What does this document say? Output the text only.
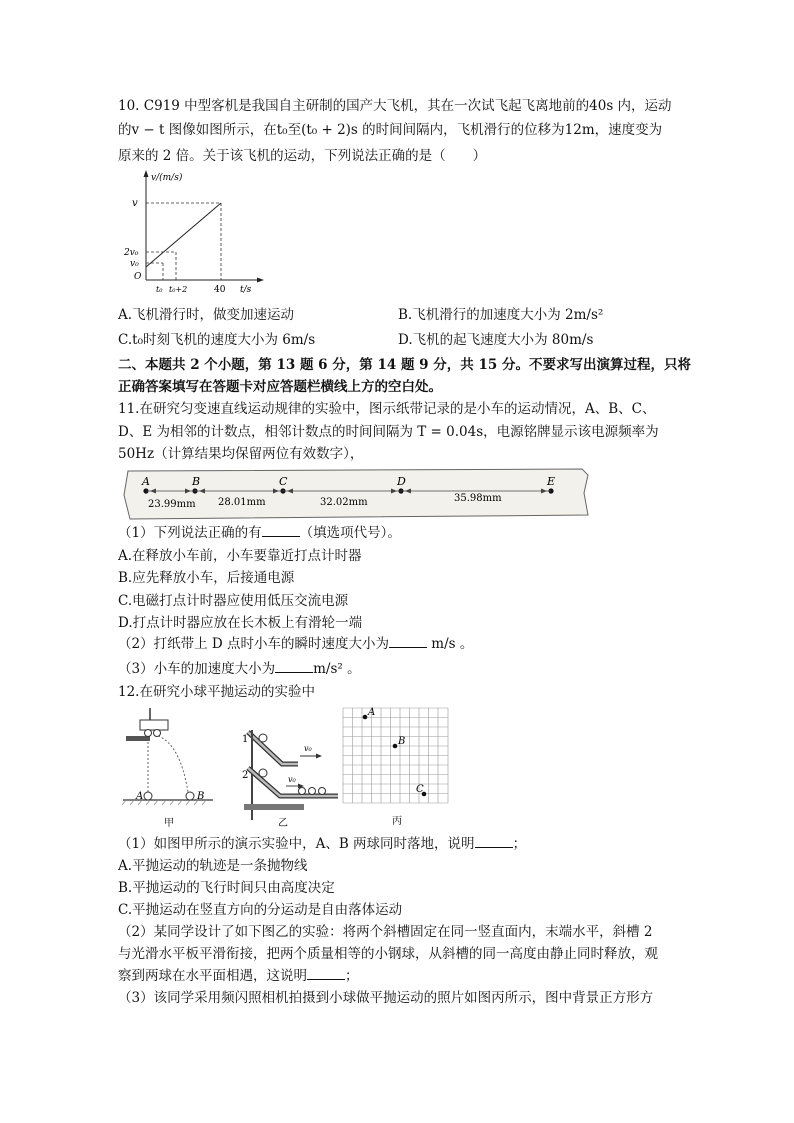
10. C919 中型客机是我国自主研制的国产大飞机，其在一次试飞起飞离地前的40s 内，运动
的v − t 图像如图所示，在t₀至(t₀ + 2)s 的时间间隔内，飞机滑行的位移为12m，速度变为
原来的 2 倍。关于该飞机的运动，下列说法正确的是（　　）
v/(m/s)
v
2v₀
v₀
O
t₀ t₀+2	40 t/s
A.飞机滑行时，做变加速运动	B.飞机滑行的加速度大小为 2m/s²
C.t₀时刻飞机的速度大小为 6m/s	D.飞机的起飞速度大小为 80m/s
二、本题共 2 个小题，第 13 题 6 分，第 14 题 9 分，共 15 分。不要求写出演算过程，只将
正确答案填写在答题卡对应答题栏横线上方的空白处。
11.在研究匀变速直线运动规律的实验中，图示纸带记录的是小车的运动情况，A、B、C、
D、E 为相邻的计数点，相邻计数点的时间间隔为 T = 0.04s，电源铭牌显示该电源频率为
50Hz（计算结果均保留两位有效数字），
A	B	C	D	E
23.99mm 28.01mm	32.02mm	35.98mm
（1）下列说法正确的有	（填选项代号）。
A.在释放小车前，小车要靠近打点计时器
B.应先释放小车，后接通电源
C.电磁打点计时器应使用低压交流电源
D.打点计时器应放在长木板上有滑轮一端
（2）打纸带上 D 点时小车的瞬时速度大小为	m/s 。
（3）小车的加速度大小为	m/s² 。
12.在研究小球平抛运动的实验中
A	B
甲
1
2
v₀
v₀
乙
A
B
C
丙
（1）如图甲所示的演示实验中，A、B 两球同时落地，说明	；
A.平抛运动的轨迹是一条抛物线
B.平抛运动的飞行时间只由高度决定
C.平抛运动在竖直方向的分运动是自由落体运动
（2）某同学设计了如下图乙的实验：将两个斜槽固定在同一竖直面内，末端水平，斜槽 2
与光滑水平板平滑衔接，把两个质量相等的小钢球，从斜槽的同一高度由静止同时释放，观
察到两球在水平面相遇，这说明	；
（3）该同学采用频闪照相机拍摄到小球做平抛运动的照片如图丙所示，图中背景正方形方
